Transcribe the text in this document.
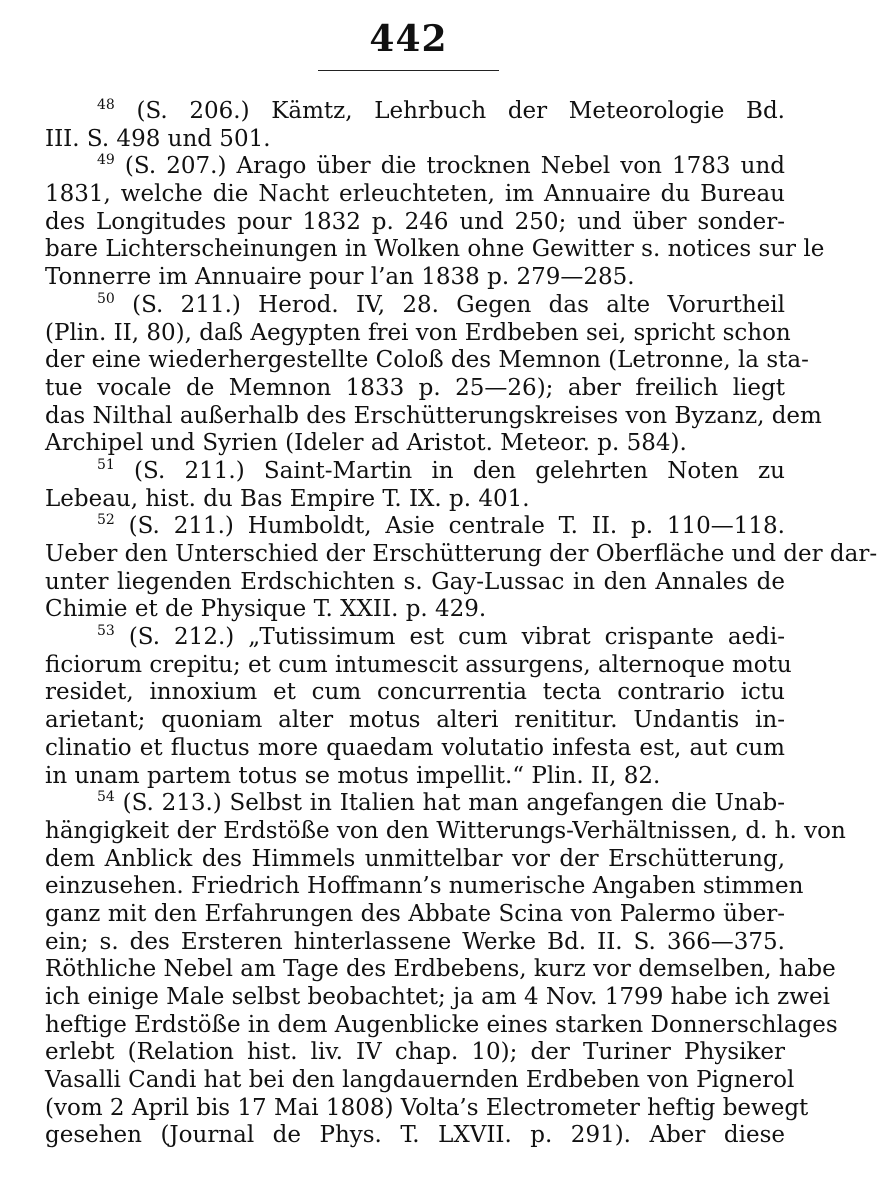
442
$^{48}$ (S. 206.) Kämtz, Lehrbuch der Meteorologie Bd.
III. S. 498 und 501.
$^{49}$ (S. 207.) Arago über die trocknen Nebel von 1783 und
1831, welche die Nacht erleuchteten, im Annuaire du Bureau
des Longitudes pour 1832 p. 246 und 250; und über sonder-
bare Lichterscheinungen in Wolken ohne Gewitter s. notices sur le
Tonnerre im Annuaire pour l’an 1838 p. 279—285.
$^{50}$ (S. 211.) Herod. IV, 28. Gegen das alte Vorurtheil
(Plin. II, 80), daß Aegypten frei von Erdbeben sei, spricht schon
der eine wiederhergestellte Coloß des Memnon (Letronne, la sta-
tue vocale de Memnon 1833 p. 25—26); aber freilich liegt
das Nilthal außerhalb des Erschütterungskreises von Byzanz, dem
Archipel und Syrien (Ideler ad Aristot. Meteor. p. 584).
$^{51}$ (S. 211.) Saint-Martin in den gelehrten Noten zu
Lebeau, hist. du Bas Empire T. IX. p. 401.
$^{52}$ (S. 211.) Humboldt, Asie centrale T. II. p. 110—118.
Ueber den Unterschied der Erschütterung der Oberfläche und der dar-
unter liegenden Erdschichten s. Gay-Lussac in den Annales de
Chimie et de Physique T. XXII. p. 429.
$^{53}$ (S. 212.) „Tutissimum est cum vibrat crispante aedi-
ficiorum crepitu; et cum intumescit assurgens, alternoque motu
residet, innoxium et cum concurrentia tecta contrario ictu
arietant; quoniam alter motus alteri renititur. Undantis in-
clinatio et fluctus more quaedam volutatio infesta est, aut cum
in unam partem totus se motus impellit.“ Plin. II, 82.
$^{54}$ (S. 213.) Selbst in Italien hat man angefangen die Unab-
hängigkeit der Erdstöße von den Witterungs-Verhältnissen, d. h. von
dem Anblick des Himmels unmittelbar vor der Erschütterung,
einzusehen. Friedrich Hoffmann’s numerische Angaben stimmen
ganz mit den Erfahrungen des Abbate Scina von Palermo über-
ein; s. des Ersteren hinterlassene Werke Bd. II. S. 366—375.
Röthliche Nebel am Tage des Erdbebens, kurz vor demselben, habe
ich einige Male selbst beobachtet; ja am 4 Nov. 1799 habe ich zwei
heftige Erdstöße in dem Augenblicke eines starken Donnerschlages
erlebt (Relation hist. liv. IV chap. 10); der Turiner Physiker
Vasalli Candi hat bei den langdauernden Erdbeben von Pignerol
(vom 2 April bis 17 Mai 1808) Volta’s Electrometer heftig bewegt
gesehen (Journal de Phys. T. LXVII. p. 291). Aber diese
